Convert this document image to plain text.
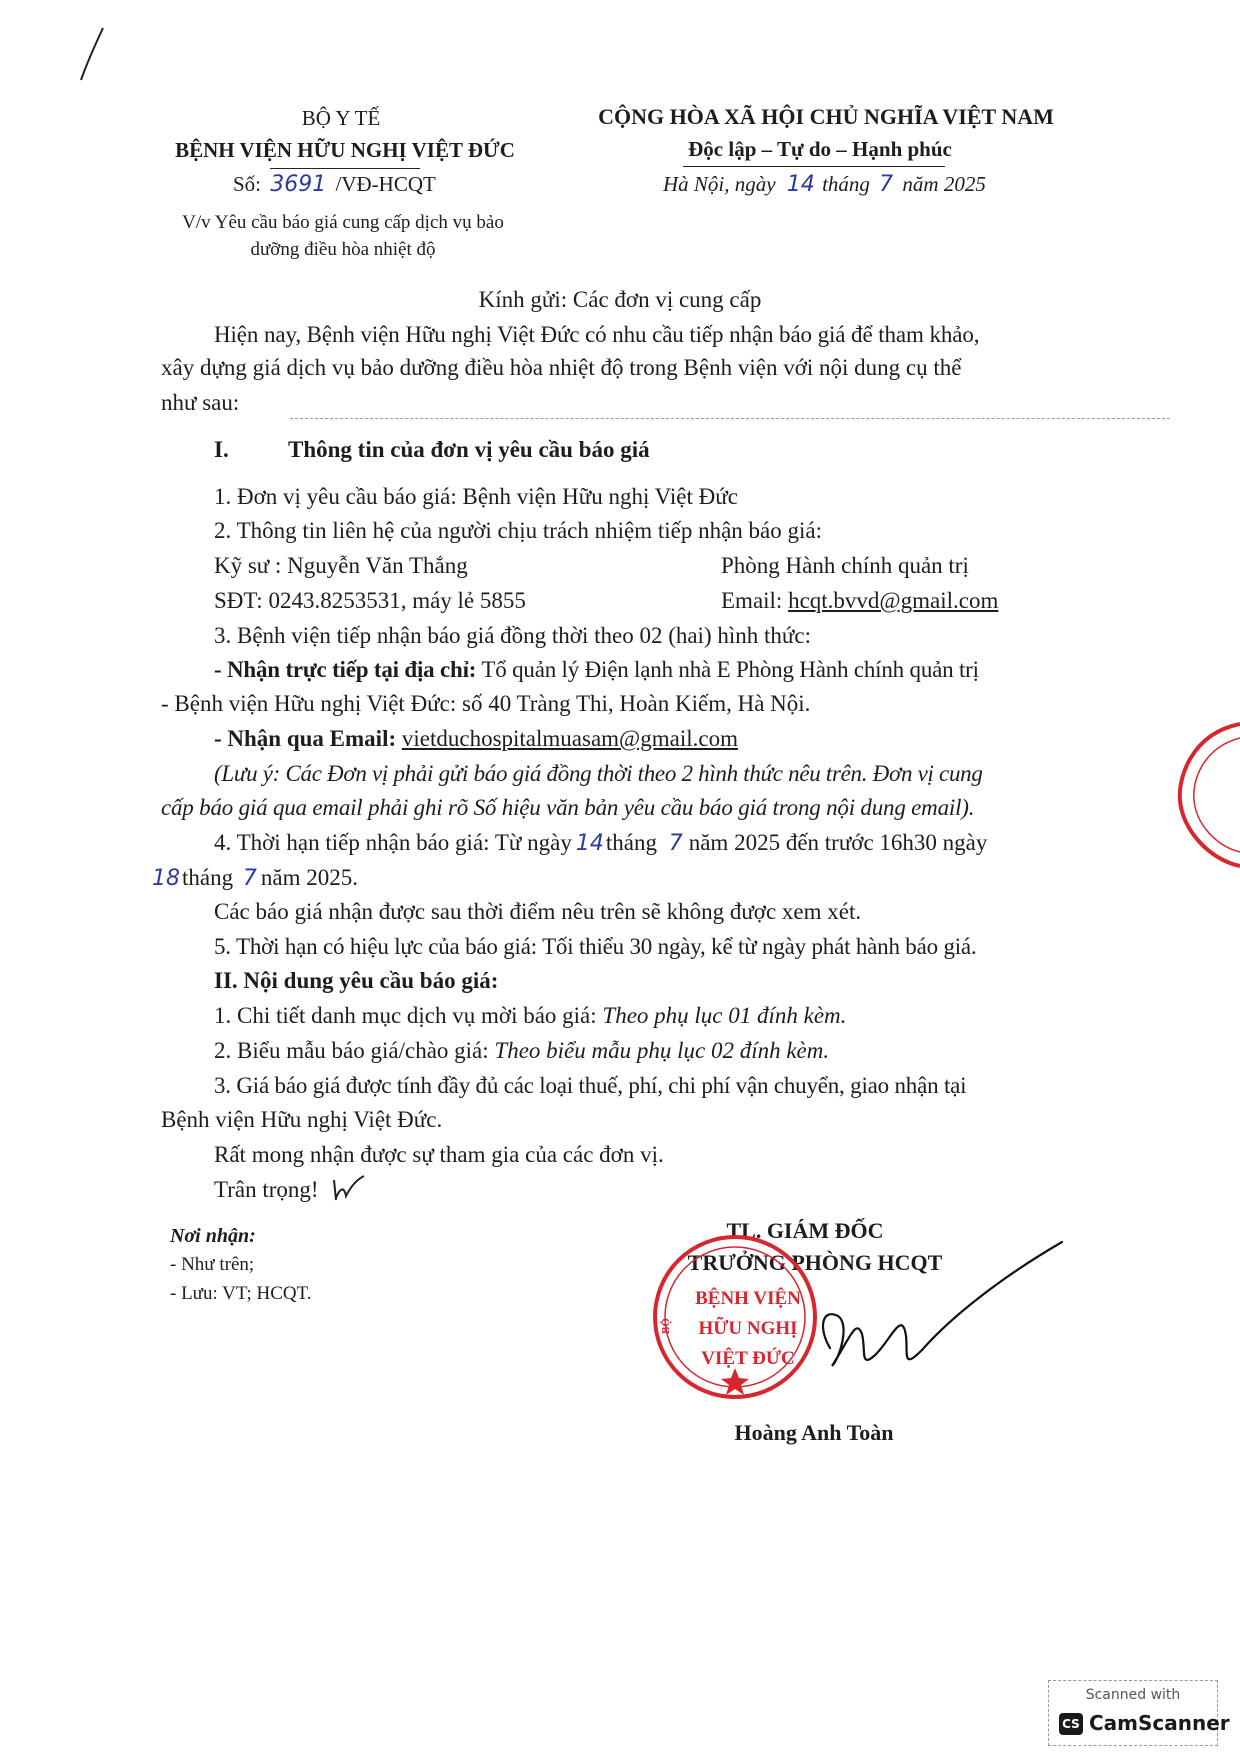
BỘ Y TẾ
BỆNH VIỆN HỮU NGHỊ VIỆT ĐỨC
Số: 3691 /VĐ-HCQT
V/v Yêu cầu báo giá cung cấp dịch vụ bảo
dưỡng điều hòa nhiệt độ
CỘNG HÒA XÃ HỘI CHỦ NGHĨA VIỆT NAM
Độc lập – Tự do – Hạnh phúc
Hà Nội, ngày 14 tháng 7 năm 2025
Kính gửi: Các đơn vị cung cấp
Hiện nay, Bệnh viện Hữu nghị Việt Đức có nhu cầu tiếp nhận báo giá để tham khảo,
xây dựng giá dịch vụ bảo dưỡng điều hòa nhiệt độ trong Bệnh viện với nội dung cụ thể
như sau:
I.	Thông tin của đơn vị yêu cầu báo giá
1. Đơn vị yêu cầu báo giá: Bệnh viện Hữu nghị Việt Đức
2. Thông tin liên hệ của người chịu trách nhiệm tiếp nhận báo giá:
Kỹ sư : Nguyễn Văn Thắng	Phòng Hành chính quản trị
SĐT: 0243.8253531, máy lẻ 5855	Email: hcqt.bvvd@gmail.com
3. Bệnh viện tiếp nhận báo giá đồng thời theo 02 (hai) hình thức:
- Nhận trực tiếp tại địa chỉ: Tổ quản lý Điện lạnh nhà E Phòng Hành chính quản trị
- Bệnh viện Hữu nghị Việt Đức: số 40 Tràng Thi, Hoàn Kiếm, Hà Nội.
- Nhận qua Email: vietduchospitalmuasam@gmail.com
(Lưu ý: Các Đơn vị phải gửi báo giá đồng thời theo 2 hình thức nêu trên. Đơn vị cung
cấp báo giá qua email phải ghi rõ Số hiệu văn bản yêu cầu báo giá trong nội dung email).
4. Thời hạn tiếp nhận báo giá: Từ ngày 14tháng 7 năm 2025 đến trước 16h30 ngày
18tháng 7 năm 2025.
Các báo giá nhận được sau thời điểm nêu trên sẽ không được xem xét.
5. Thời hạn có hiệu lực của báo giá: Tối thiểu 30 ngày, kể từ ngày phát hành báo giá.
II. Nội dung yêu cầu báo giá:
1. Chi tiết danh mục dịch vụ mời báo giá: Theo phụ lục 01 đính kèm.
2. Biểu mẫu báo giá/chào giá: Theo biểu mẫu phụ lục 02 đính kèm.
3. Giá báo giá được tính đầy đủ các loại thuế, phí, chi phí vận chuyển, giao nhận tại
Bệnh viện Hữu nghị Việt Đức.
Rất mong nhận được sự tham gia của các đơn vị.
Trân trọng!
Nơi nhận:
- Như trên;
- Lưu: VT; HCQT.
TL. GIÁM ĐỐC
TRƯỞNG PHÒNG HCQT
BỆNH VIỆN
HỮU NGHỊ
VIỆT ĐỨC
BỘ
Hoàng Anh Toàn
Scanned with
CS CamScanner
